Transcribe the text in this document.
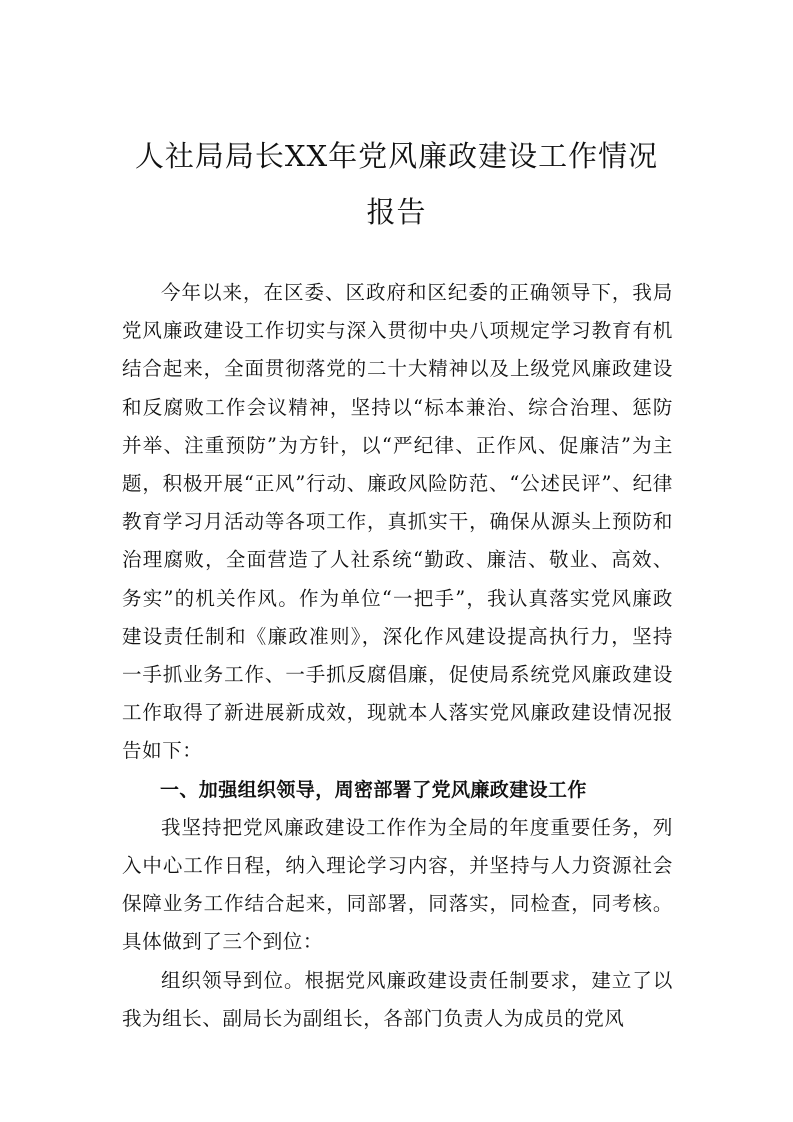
人社局局长XX年党风廉政建设工作情况报告

今年以来，在区委、区政府和区纪委的正确领导下，我局党风廉政建设工作切实与深入贯彻中央八项规定学习教育有机结合起来，全面贯彻落党的二十大精神以及上级党风廉政建设和反腐败工作会议精神，坚持以“标本兼治、综合治理、惩防并举、注重预防”为方针，以“严纪律、正作风、促廉洁”为主题，积极开展“正风”行动、廉政风险防范、“公述民评”、纪律教育学习月活动等各项工作，真抓实干，确保从源头上预防和治理腐败，全面营造了人社系统“勤政、廉洁、敬业、高效、务实”的机关作风。作为单位“一把手”，我认真落实党风廉政建设责任制和《廉政准则》，深化作风建设提高执行力，坚持一手抓业务工作、一手抓反腐倡廉，促使局系统党风廉政建设工作取得了新进展新成效，现就本人落实党风廉政建设情况报告如下：

一、加强组织领导，周密部署了党风廉政建设工作

我坚持把党风廉政建设工作作为全局的年度重要任务，列入中心工作日程，纳入理论学习内容，并坚持与人力资源社会保障业务工作结合起来，同部署，同落实，同检查，同考核。具体做到了三个到位：

组织领导到位。根据党风廉政建设责任制要求，建立了以我为组长、副局长为副组长，各部门负责人为成员的党风
